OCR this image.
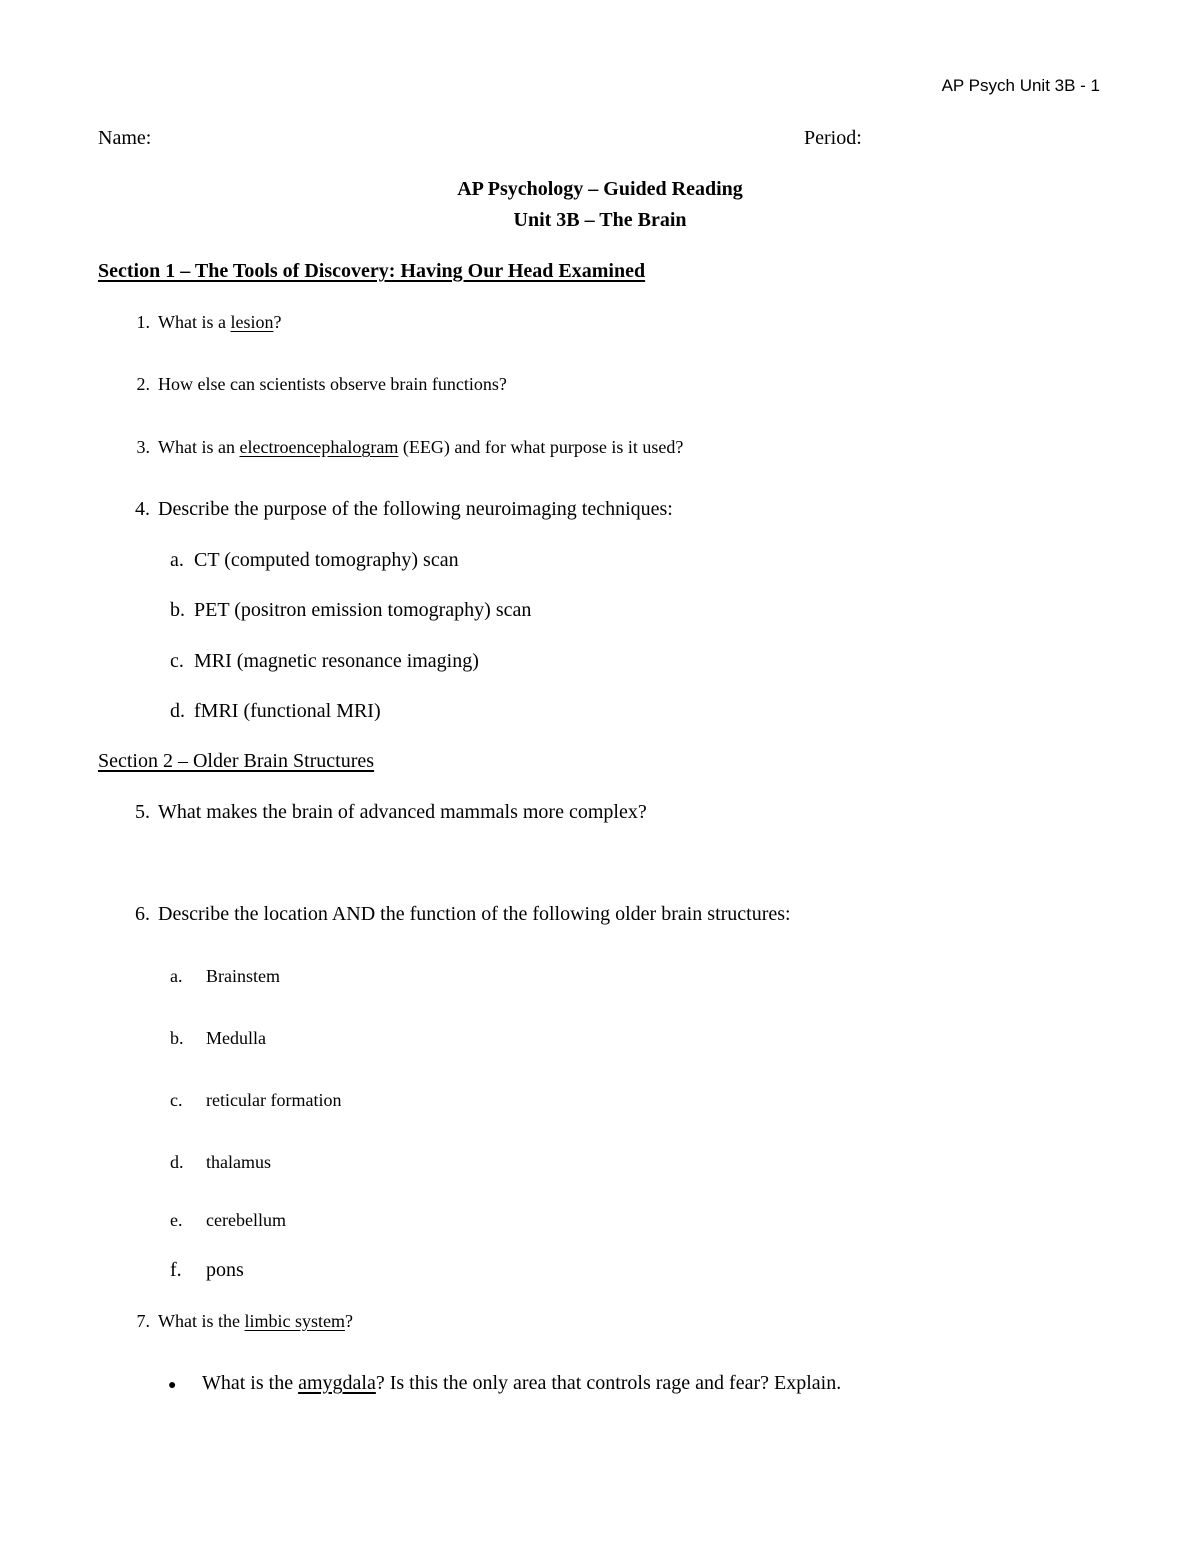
AP Psych Unit 3B - 1
Name:	Period:
AP Psychology – Guided Reading
Unit 3B – The Brain
Section 1 – The Tools of Discovery: Having Our Head Examined
1. What is a lesion?
2. How else can scientists observe brain functions?
3. What is an electroencephalogram (EEG) and for what purpose is it used?
4. Describe the purpose of the following neuroimaging techniques:
a. CT (computed tomography) scan
b. PET (positron emission tomography) scan
c. MRI (magnetic resonance imaging)
d. fMRI (functional MRI)
Section 2 – Older Brain Structures
5. What makes the brain of advanced mammals more complex?
6. Describe the location AND the function of the following older brain structures:
a. Brainstem
b. Medulla
c. reticular formation
d. thalamus
e. cerebellum
f. pons
7. What is the limbic system?
● What is the amygdala? Is this the only area that controls rage and fear? Explain.
